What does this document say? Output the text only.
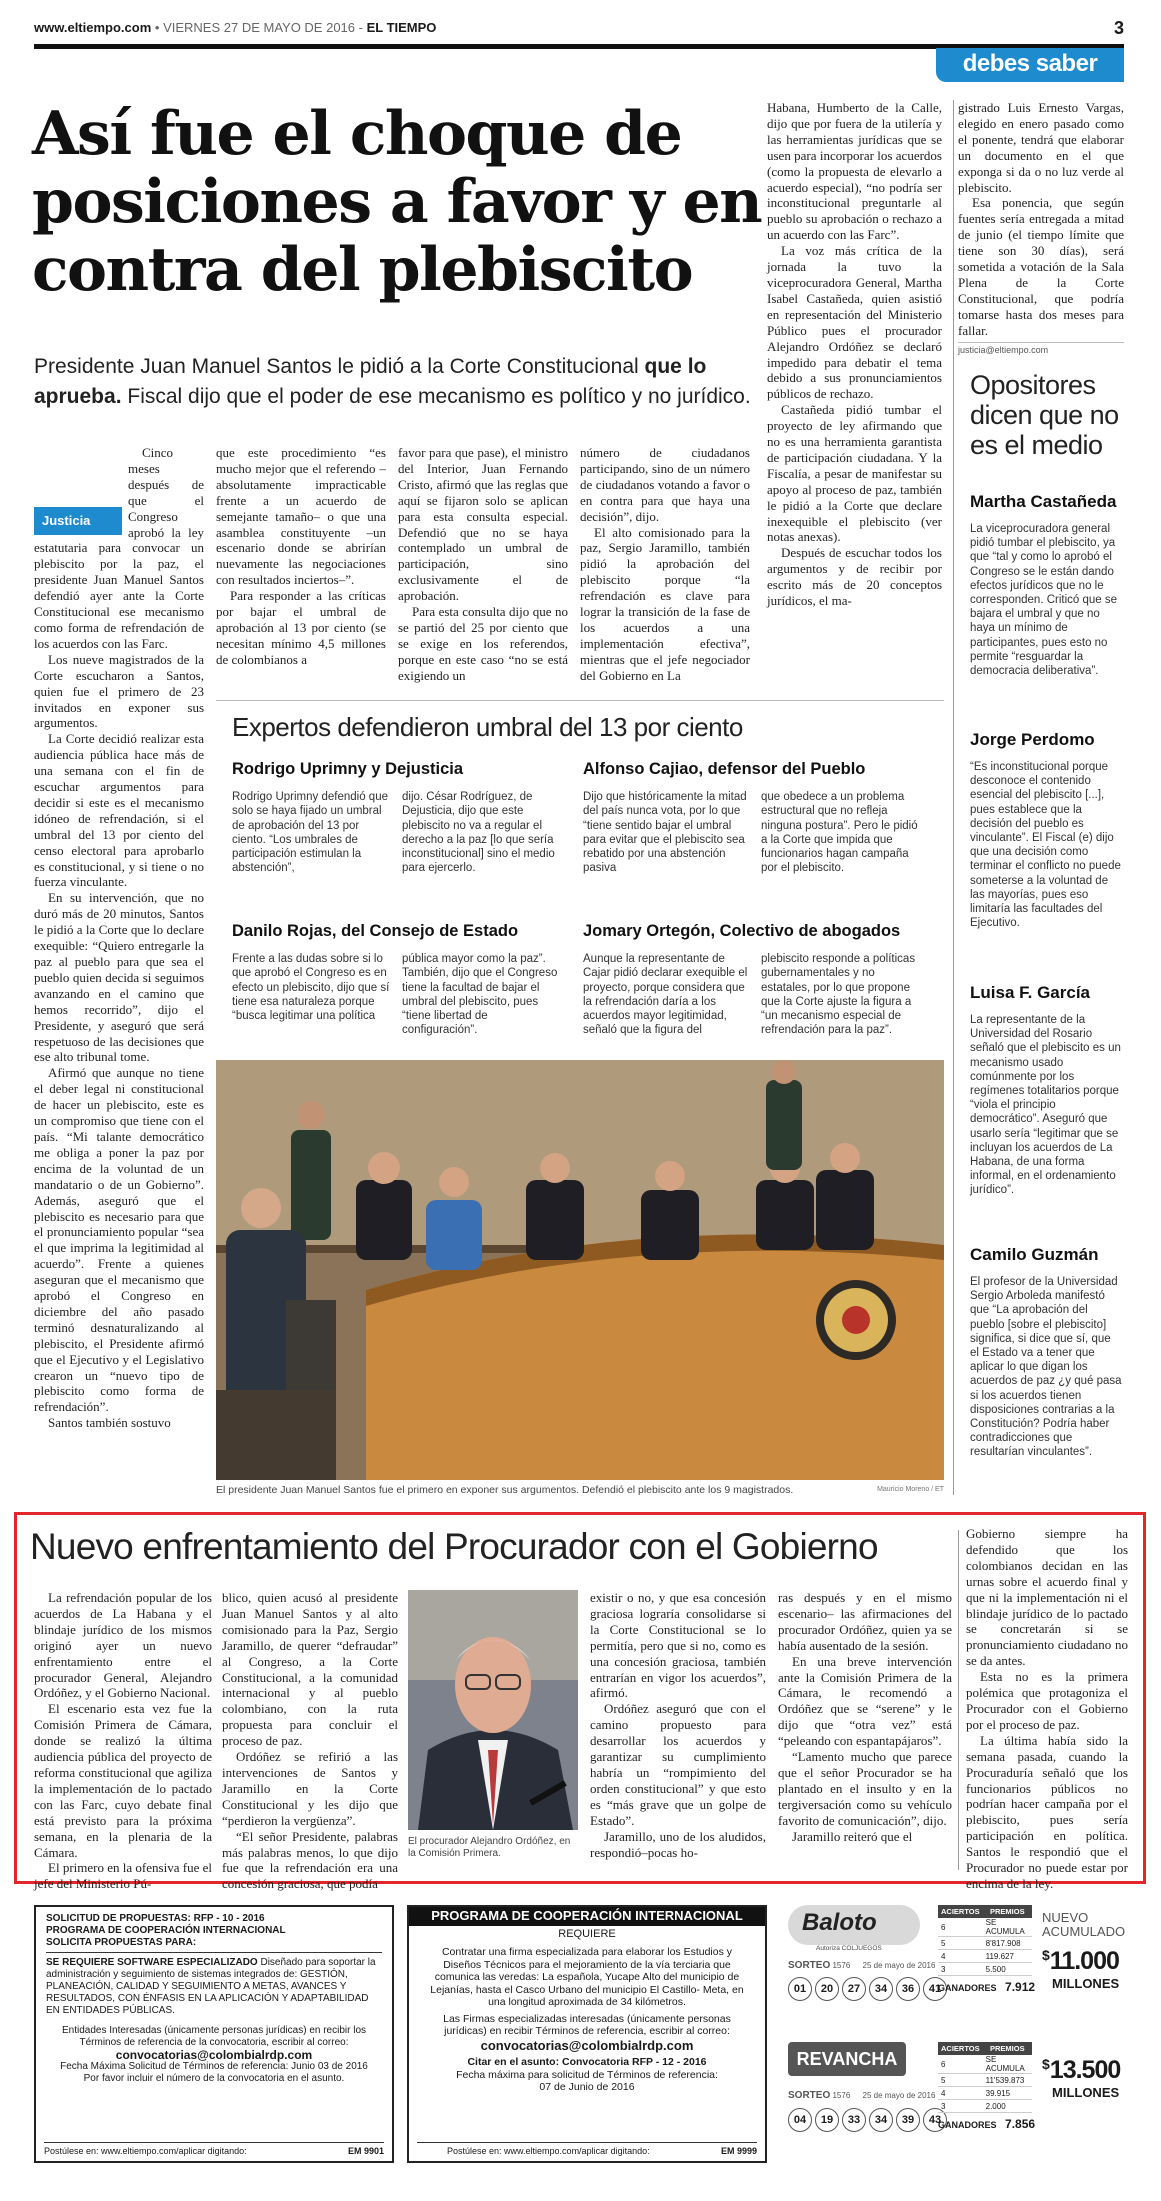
www.eltiempo.com • VIERNES 27 DE MAYO DE 2016 - EL TIEMPO	3
debes saber
Así fue el choque de posiciones a favor y en contra del plebiscito
Presidente Juan Manuel Santos le pidió a la Corte Constitucional que lo aprueba. Fiscal dijo que el poder de ese mecanismo es político y no jurídico.
Justicia

Cinco meses después de que el Congreso aprobó la ley estatutaria para convocar un plebiscito por la paz, el presidente Juan Manuel Santos defendió ayer ante la Corte Constitucional ese mecanismo como forma de refrendación de los acuerdos con las Farc.

Los nueve magistrados de la Corte escucharon a Santos, quien fue el primero de 23 invitados en exponer sus argumentos.

La Corte decidió realizar esta audiencia pública hace más de una semana con el fin de escuchar argumentos para decidir si este es el mecanismo idóneo de refrendación, si el umbral del 13 por ciento del censo electoral para aprobarlo es constitucional, y si tiene o no fuerza vinculante.

En su intervención, que no duró más de 20 minutos, Santos le pidió a la Corte que lo declare exequible: “Quiero entregarle la paz al pueblo para que sea el pueblo quien decida si seguimos avanzando en el camino que hemos recorrido”, dijo el Presidente, y aseguró que será respetuoso de las decisiones que ese alto tribunal tome.

Afirmó que aunque no tiene el deber legal ni constitucional de hacer un plebiscito, este es un compromiso que tiene con el país. “Mi talante democrático me obliga a poner la paz por encima de la voluntad de un mandatario o de un Gobierno”. Además, aseguró que el plebiscito es necesario para que el pronunciamiento popular “sea el que imprima la legitimidad al acuerdo”. Frente a quienes aseguran que el mecanismo que aprobó el Congreso en diciembre del año pasado terminó desnaturalizando al plebiscito, el Presidente afirmó que el Ejecutivo y el Legislativo crearon un “nuevo tipo de plebiscito como forma de refrendación”.

Santos también sostuvo

que este procedimiento “es mucho mejor que el referendo –absolutamente impracticable frente a un acuerdo de semejante tamaño– o que una asamblea constituyente –un escenario donde se abrirían nuevamente las negociaciones con resultados inciertos–”.

Para responder a las críticas por bajar el umbral de aprobación al 13 por ciento (se necesitan mínimo 4,5 millones de colombianos a

favor para que pase), el ministro del Interior, Juan Fernando Cristo, afirmó que las reglas que aquí se fijaron solo se aplican para esta consulta especial. Defendió que no se haya contemplado un umbral de participación, sino exclusivamente el de aprobación.

Para esta consulta dijo que no se partió del 25 por ciento que se exige en los referendos, porque en este caso “no se está exigiendo un

número de ciudadanos participando, sino de un número de ciudadanos votando a favor o en contra para que haya una decisión”, dijo.

El alto comisionado para la paz, Sergio Jaramillo, también pidió la aprobación del plebiscito porque “la refrendación es clave para lograr la transición de la fase de los acuerdos a una implementación efectiva”, mientras que el jefe negociador del Gobierno en La

Habana, Humberto de la Calle, dijo que por fuera de la utilería y las herramientas jurídicas que se usen para incorporar los acuerdos (como la propuesta de elevarlo a acuerdo especial), “no podría ser inconstitucional preguntarle al pueblo su aprobación o rechazo a un acuerdo con las Farc”.

La voz más crítica de la jornada la tuvo la viceprocuradora General, Martha Isabel Castañeda, quien asistió en representación del Ministerio Público pues el procurador Alejandro Ordóñez se declaró impedido para debatir el tema debido a sus pronunciamientos públicos de rechazo.

Castañeda pidió tumbar el proyecto de ley afirmando que no es una herramienta garantista de participación ciudadana. Y la Fiscalía, a pesar de manifestar su apoyo al proceso de paz, también le pidió a la Corte que declare inexequible el plebiscito (ver notas anexas).

Después de escuchar todos los argumentos y de recibir por escrito más de 20 conceptos jurídicos, el ma-

gistrado Luis Ernesto Vargas, elegido en enero pasado como el ponente, tendrá que elaborar un documento en el que exponga si da o no luz verde al plebiscito.

Esa ponencia, que según fuentes sería entregada a mitad de junio (el tiempo límite que tiene son 30 días), será sometida a votación de la Sala Plena de la Corte Constitucional, que podría tomarse hasta dos meses para fallar.

justicia@eltiempo.com
Expertos defendieron umbral del 13 por ciento
Rodrigo Uprimny y Dejusticia
Rodrigo Uprimny defendió que solo se haya fijado un umbral de aprobación del 13 por ciento. “Los umbrales de participación estimulan la abstención”,
dijo. César Rodríguez, de Dejusticia, dijo que este plebiscito no va a regular el derecho a la paz [lo que sería inconstitucional] sino el medio para ejercerlo.
Alfonso Cajiao, defensor del Pueblo
Dijo que históricamente la mitad del país nunca vota, por lo que “tiene sentido bajar el umbral para evitar que el plebiscito sea rebatido por una abstención pasiva
que obedece a un problema estructural que no refleja ninguna postura”. Pero le pidió a la Corte que impida que funcionarios hagan campaña por el plebiscito.
Danilo Rojas, del Consejo de Estado
Frente a las dudas sobre si lo que aprobó el Congreso es en efecto un plebiscito, dijo que sí tiene esa naturaleza porque “busca legitimar una política
pública mayor como la paz”. También, dijo que el Congreso tiene la facultad de bajar el umbral del plebiscito, pues “tiene libertad de configuración”.
Jomary Ortegón, Colectivo de abogados
Aunque la representante de Cajar pidió declarar exequible el proyecto, porque considera que la refrendación daría a los acuerdos mayor legitimidad, señaló que la figura del
plebiscito responde a políticas gubernamentales y no estatales, por lo que propone que la Corte ajuste la figura a “un mecanismo especial de refrendación para la paz”.
El presidente Juan Manuel Santos fue el primero en exponer sus argumentos. Defendió el plebiscito ante los 9 magistrados.	Mauricio Moreno / ET
Opositores dicen que no es el medio
Martha Castañeda
La viceprocuradora general pidió tumbar el plebiscito, ya que “tal y como lo aprobó el Congreso se le están dando efectos jurídicos que no le corresponden. Criticó que se bajara el umbral y que no haya un mínimo de participantes, pues esto no permite “resguardar la democracia deliberativa”.
Jorge Perdomo
“Es inconstitucional porque desconoce el contenido esencial del plebiscito [...], pues establece que la decisión del pueblo es vinculante”. El Fiscal (e) dijo que una decisión como terminar el conflicto no puede someterse a la voluntad de las mayorías, pues eso limitaría las facultades del Ejecutivo.
Luisa F. García
La representante de la Universidad del Rosario señaló que el plebiscito es un mecanismo usado comúnmente por los regímenes totalitarios porque “viola el principio democrático”. Aseguró que usarlo sería “legitimar que se incluyan los acuerdos de La Habana, de una forma informal, en el ordenamiento jurídico”.
Camilo Guzmán
El profesor de la Universidad Sergio Arboleda manifestó que “La aprobación del pueblo [sobre el plebiscito] significa, si dice que sí, que el Estado va a tener que aplicar lo que digan los acuerdos de paz ¿y qué pasa si los acuerdos tienen disposiciones contrarias a la Constitución? Podría haber contradicciones que resultarían vinculantes”.
Nuevo enfrentamiento del Procurador con el Gobierno

La refrendación popular de los acuerdos de La Habana y el blindaje jurídico de los mismos originó ayer un nuevo enfrentamiento entre el procurador General, Alejandro Ordóñez, y el Gobierno Nacional.

El escenario esta vez fue la Comisión Primera de Cámara, donde se realizó la última audiencia pública del proyecto de reforma constitucional que agiliza la implementación de lo pactado con las Farc, cuyo debate final está previsto para la próxima semana, en la plenaria de la Cámara.

El primero en la ofensiva fue el jefe del Ministerio Pú-

blico, quien acusó al presidente Juan Manuel Santos y al alto comisionado para la Paz, Sergio Jaramillo, de querer “defraudar” al Congreso, a la Corte Constitucional, a la comunidad internacional y al pueblo colombiano, con la ruta propuesta para concluir el proceso de paz.

Ordóñez se refirió a las intervenciones de Santos y Jaramillo en la Corte Constitucional y les dijo que “perdieron la vergüenza”.

“El señor Presidente, palabras más palabras menos, lo que dijo fue que la refrendación era una concesión graciosa, que podía

El procurador Alejandro Ordóñez, en la Comisión Primera.

existir o no, y que esa concesión graciosa lograría consolidarse si la Corte Constitucional se lo permitía, pero que si no, como es una concesión graciosa, también entrarían en vigor los acuerdos”, afirmó.

Ordóñez aseguró que con el camino propuesto para desarrollar los acuerdos y garantizar su cumplimiento habría un “rompimiento del orden constitucional” y que esto es “más grave que un golpe de Estado”.

Jaramillo, uno de los aludidos, respondió–pocas ho-

ras después y en el mismo escenario– las afirmaciones del procurador Ordóñez, quien ya se había ausentado de la sesión.

En una breve intervención ante la Comisión Primera de la Cámara, le recomendó a Ordóñez que se “serene” y le dijo que “otra vez” está “peleando con espantapájaros”.

“Lamento mucho que parece que el señor Procurador se ha plantado en el insulto y en la tergiversación como su vehículo favorito de comunicación”, dijo.

Jaramillo reiteró que el

Gobierno siempre ha defendido que los colombianos decidan en las urnas sobre el acuerdo final y que ni la implementación ni el blindaje jurídico de lo pactado se concretarán si se pronunciamiento ciudadano no se da antes.

Esta no es la primera polémica que protagoniza el Procurador con el Gobierno por el proceso de paz.

La última había sido la semana pasada, cuando la Procuraduría señaló que los funcionarios públicos no podrían hacer campaña por el plebiscito, pues sería participación en política. Santos le respondió que el Procurador no puede estar por encima de la ley.

SOLICITUD DE PROPUESTAS: RFP - 10 - 2016
PROGRAMA DE COOPERACIÓN INTERNACIONAL
SOLICITA PROPUESTAS PARA:
SE REQUIERE SOFTWARE ESPECIALIZADO Diseñado para soportar la administración y seguimiento de sistemas integrados de: GESTIÓN, PLANEACIÓN, CALIDAD Y SEGUIMIENTO A METAS, AVANCES Y RESULTADOS, CON ÉNFASIS EN LA APLICACIÓN Y ADAPTABILIDAD EN ENTIDADES PÚBLICAS.
Entidades Interesadas (únicamente personas jurídicas) en recibir los Términos de referencia de la convocatoria, escribir al correo:
convocatorias@colombialrdp.com
Fecha Máxima Solicitud de Términos de referencia: Junio 03 de 2016
Por favor incluir el número de la convocatoria en el asunto.
Postúlese en: www.eltiempo.com/aplicar digitando:	EM 9901
PROGRAMA DE COOPERACIÓN INTERNACIONAL
REQUIERE
Contratar una firma especializada para elaborar los Estudios y Diseños Técnicos para el mejoramiento de la vía terciaria que comunica las veredas: La española, Yucape Alto del municipio de Lejanías, hasta el Casco Urbano del municipio El Castillo- Meta, en una longitud aproximada de 34 kilómetros.
Las Firmas especializadas interesadas (únicamente personas jurídicas) en recibir Términos de referencia, escribir al correo:
convocatorias@colombialrdp.com
Citar en el asunto: Convocatoria RFP - 12 - 2016
Fecha máxima para solicitud de Términos de referencia: 07 de Junio de 2016
Postúlese en: www.eltiempo.com/aplicar digitando:	EM 9999
Baloto
Autoriza COLJUEGOS
SORTEO 1576 25 de mayo de 2016
01 20 27 34 36 41
ACIERTOS	PREMIOS
6	SE ACUMULA
5	8'817.908
4	119.627
3	5.500
GANADORES 7.912
NUEVO ACUMULADO
$11.000
MILLONES
REVANCHA
SORTEO 1576 25 de mayo de 2016
04 19 33 34 39 43
ACIERTOS	PREMIOS
6	SE ACUMULA
5	11'539.873
4	39.915
3	2.000
GANADORES 7.856
$13.500
MILLONES
